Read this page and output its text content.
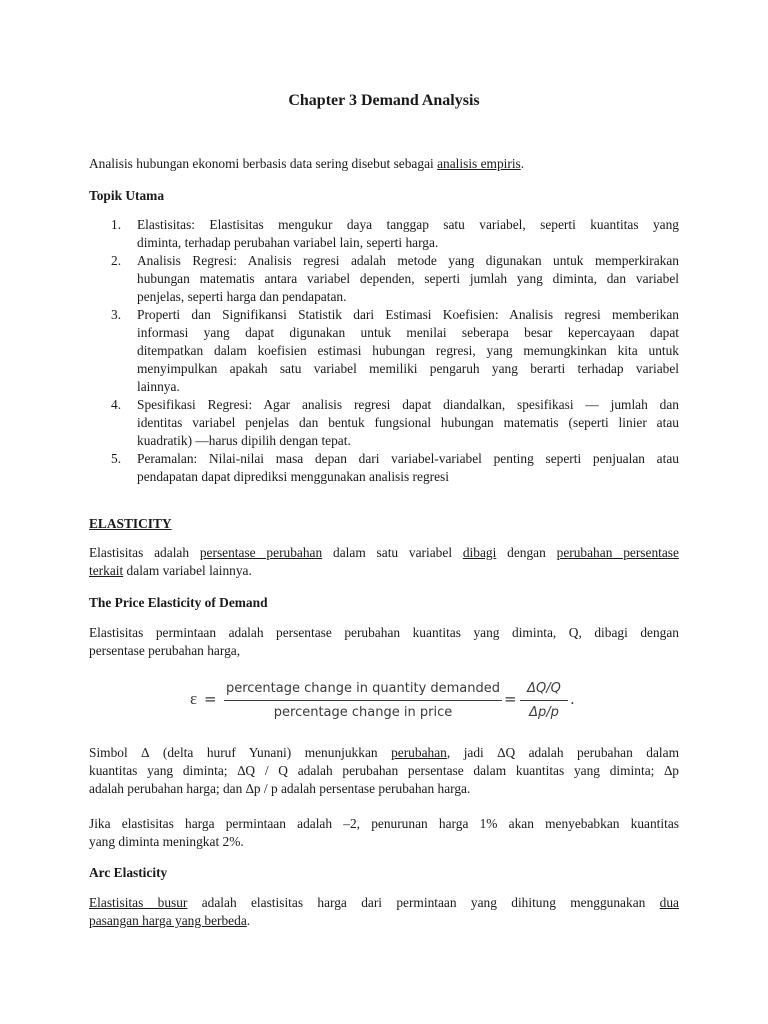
Chapter 3 Demand Analysis

Analisis hubungan ekonomi berbasis data sering disebut sebagai analisis empiris.

Topik Utama

1. Elastisitas: Elastisitas mengukur daya tanggap satu variabel, seperti kuantitas yang
diminta, terhadap perubahan variabel lain, seperti harga.
2. Analisis Regresi: Analisis regresi adalah metode yang digunakan untuk memperkirakan
hubungan matematis antara variabel dependen, seperti jumlah yang diminta, dan variabel
penjelas, seperti harga dan pendapatan.
3. Properti dan Signifikansi Statistik dari Estimasi Koefisien: Analisis regresi memberikan
informasi yang dapat digunakan untuk menilai seberapa besar kepercayaan dapat
ditempatkan dalam koefisien estimasi hubungan regresi, yang memungkinkan kita untuk
menyimpulkan apakah satu variabel memiliki pengaruh yang berarti terhadap variabel
lainnya.
4. Spesifikasi Regresi: Agar analisis regresi dapat diandalkan, spesifikasi — jumlah dan
identitas variabel penjelas dan bentuk fungsional hubungan matematis (seperti linier atau
kuadratik) —harus dipilih dengan tepat.
5. Peramalan: Nilai-nilai masa depan dari variabel-variabel penting seperti penjualan atau
pendapatan dapat diprediksi menggunakan analisis regresi

ELASTICITY

Elastisitas adalah persentase perubahan dalam satu variabel dibagi dengan perubahan persentase
terkait dalam variabel lainnya.

The Price Elasticity of Demand

Elastisitas permintaan adalah persentase perubahan kuantitas yang diminta, Q, dibagi dengan
persentase perubahan harga,

ε =
percentage change in quantity demanded
percentage change in price
=
ΔQ/Q
Δp/p
.

Simbol ∆ (delta huruf Yunani) menunjukkan perubahan, jadi ∆Q adalah perubahan dalam
kuantitas yang diminta; ∆Q / Q adalah perubahan persentase dalam kuantitas yang diminta; ∆p
adalah perubahan harga; dan ∆p / p adalah persentase perubahan harga.

Jika elastisitas harga permintaan adalah –2, penurunan harga 1% akan menyebabkan kuantitas
yang diminta meningkat 2%.

Arc Elasticity

Elastisitas busur adalah elastisitas harga dari permintaan yang dihitung menggunakan dua
pasangan harga yang berbeda.
